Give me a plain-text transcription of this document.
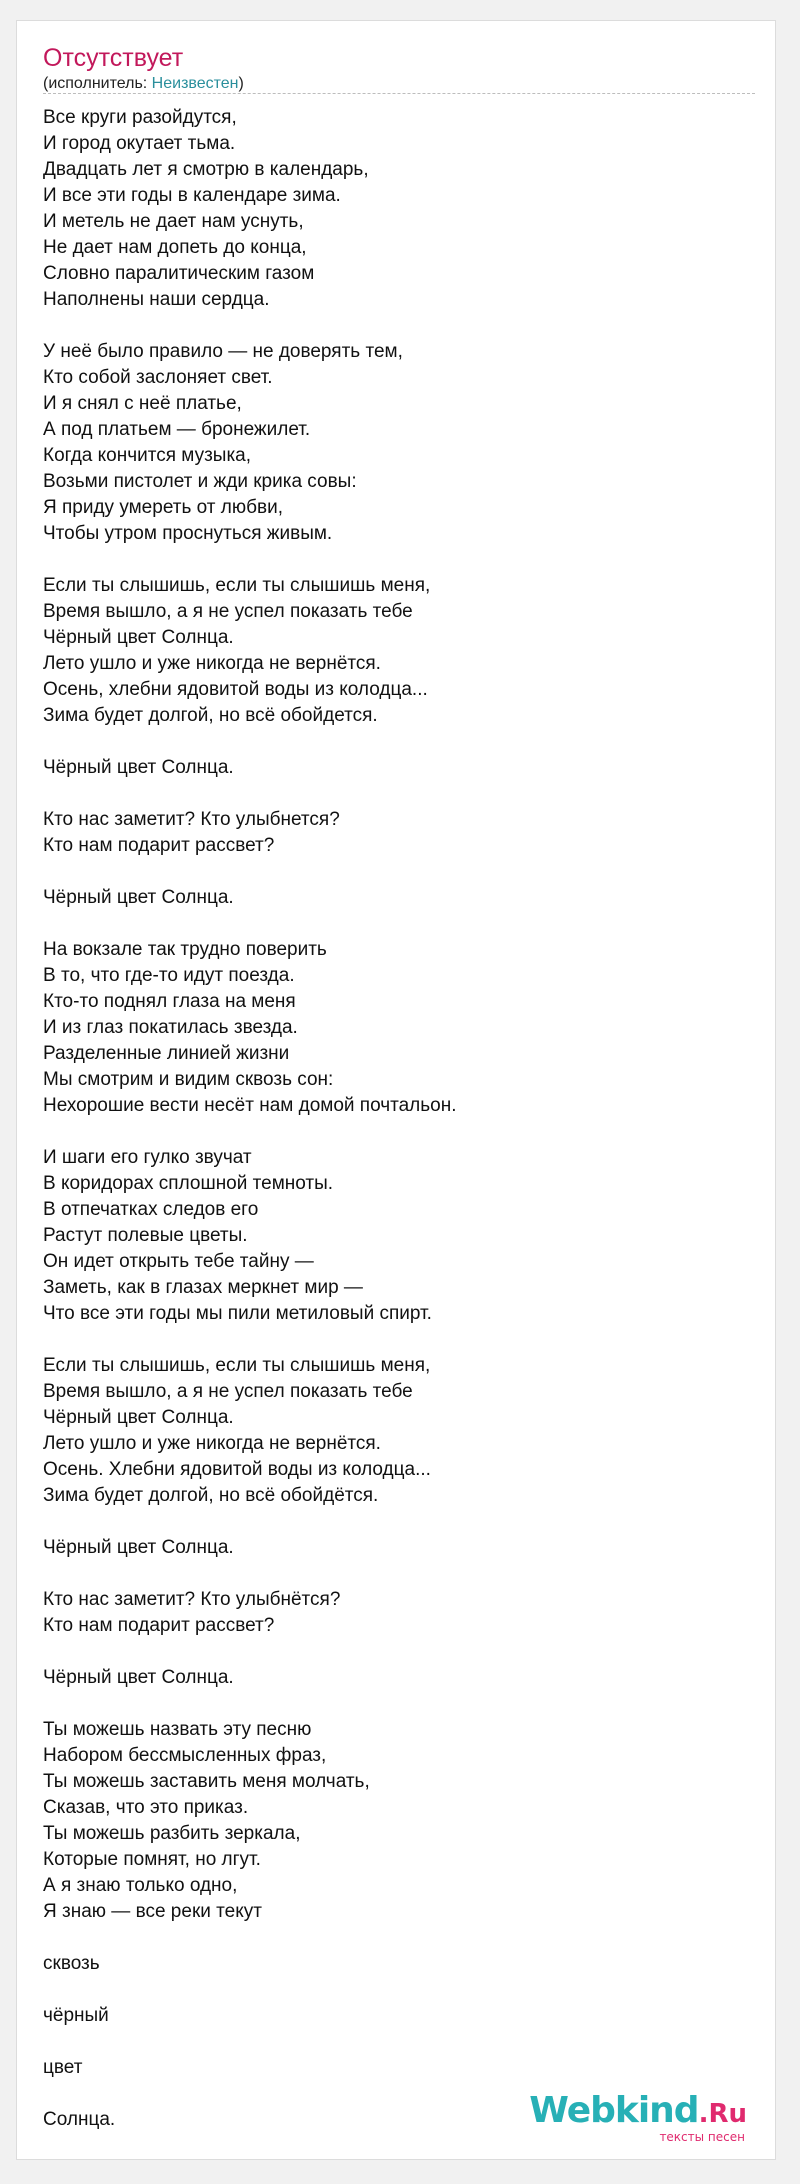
Отсутствует
(исполнитель: Неизвестен)
Все круги разойдутся,
И город окутает тьма.
Двадцать лет я смотрю в календарь,
И все эти годы в календаре зима.
И метель не дает нам уснуть,
Не дает нам допеть до конца,
Словно паралитическим газом
Наполнены наши сердца.
У неё было правило — не доверять тем,
Кто собой заслоняет свет.
И я снял с неё платье,
А под платьем — бронежилет.
Когда кончится музыка,
Возьми пистолет и жди крика совы:
Я приду умереть от любви,
Чтобы утром проснуться живым.
Если ты слышишь, если ты слышишь меня,
Время вышло, а я не успел показать тебе
Чёрный цвет Солнца.
Лето ушло и уже никогда не вернётся.
Осень, хлебни ядовитой воды из колодца...
Зима будет долгой, но всё обойдется.
Чёрный цвет Солнца.
Кто нас заметит? Кто улыбнется?
Кто нам подарит рассвет?
Чёрный цвет Солнца.
На вокзале так трудно поверить
В то, что где-то идут поезда.
Кто-то поднял глаза на меня
И из глаз покатилась звезда.
Разделенные линией жизни
Мы смотрим и видим сквозь сон:
Нехорошие вести несёт нам домой почтальон.
И шаги его гулко звучат
В коридорах сплошной темноты.
В отпечатках следов его
Растут полевые цветы.
Он идет открыть тебе тайну —
Заметь, как в глазах меркнет мир —
Что все эти годы мы пили метиловый спирт.
Если ты слышишь, если ты слышишь меня,
Время вышло, а я не успел показать тебе
Чёрный цвет Солнца.
Лето ушло и уже никогда не вернётся.
Осень. Хлебни ядовитой воды из колодца...
Зима будет долгой, но всё обойдётся.
Чёрный цвет Солнца.
Кто нас заметит? Кто улыбнётся?
Кто нам подарит рассвет?
Чёрный цвет Солнца.
Ты можешь назвать эту песню
Набором бессмысленных фраз,
Ты можешь заставить меня молчать,
Сказав, что это приказ.
Ты можешь разбить зеркала,
Которые помнят, но лгут.
А я знаю только одно,
Я знаю — все реки текут
сквозь
чёрный
цвет
Солнца.	Webkind.Ru
тексты песен
